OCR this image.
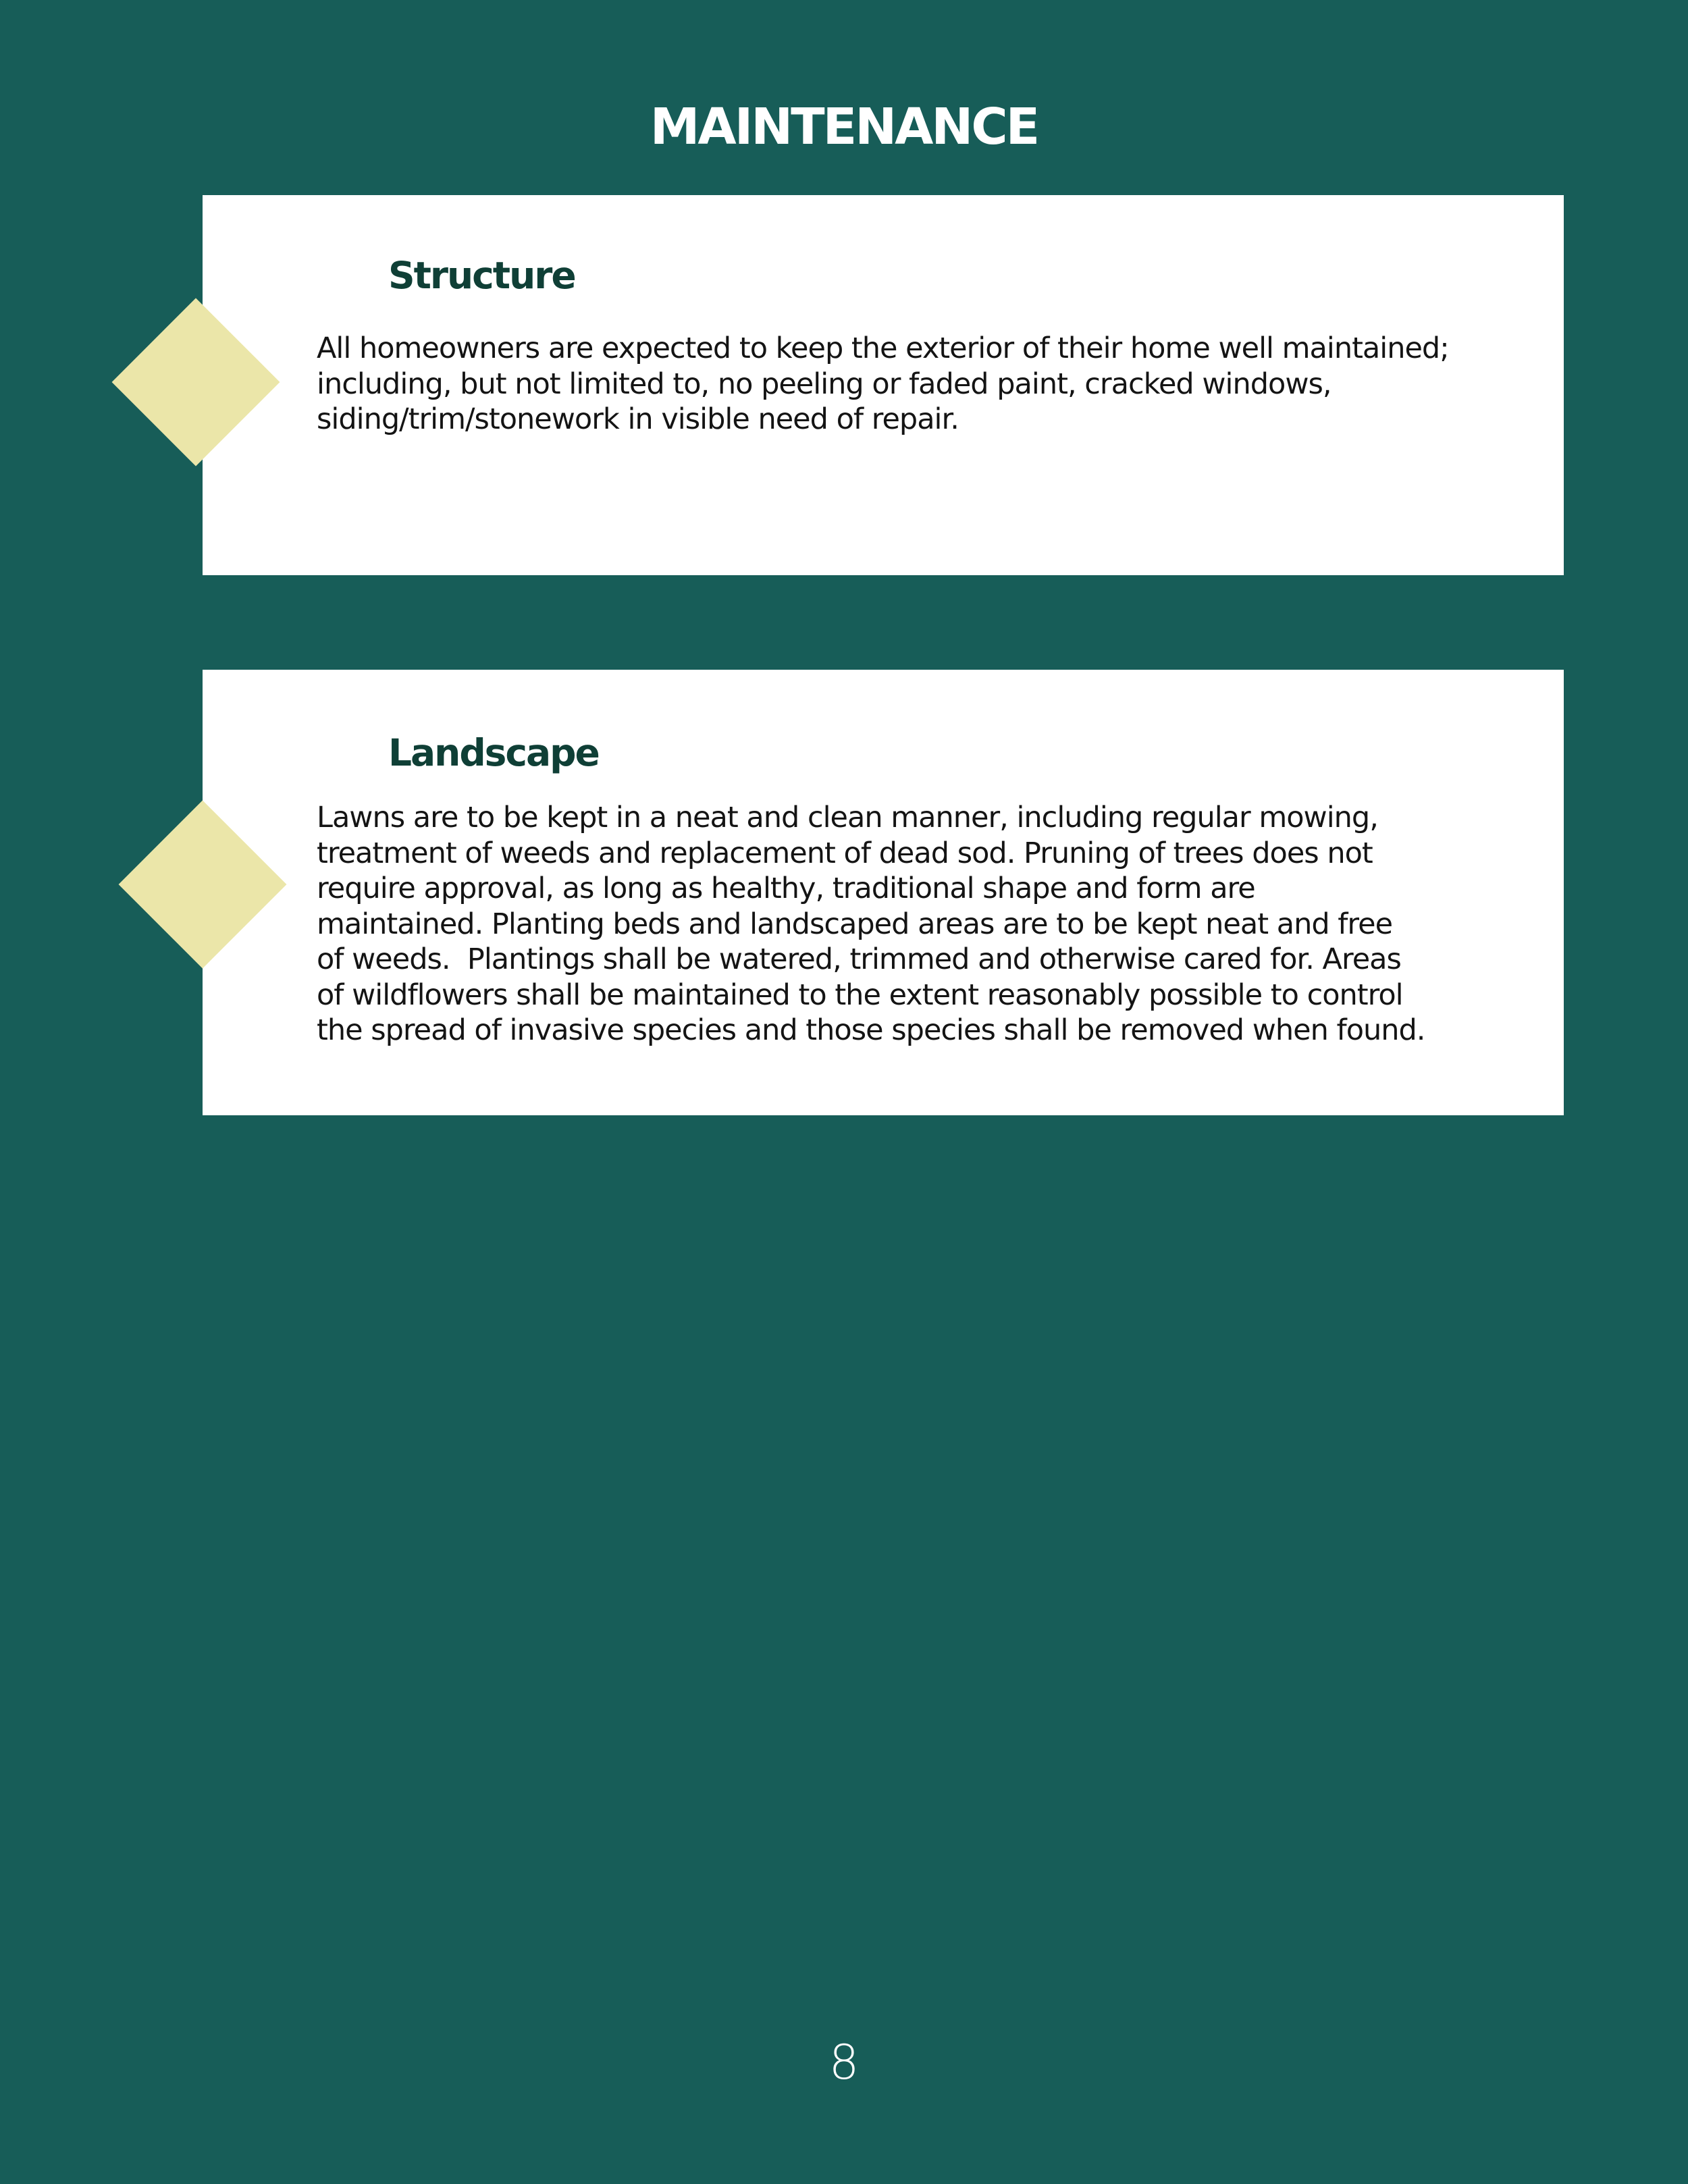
MAINTENANCE
Structure
All homeowners are expected to keep the exterior of their home well maintained;
including, but not limited to, no peeling or faded paint, cracked windows,
siding/trim/stonework in visible need of repair.
Landscape
Lawns are to be kept in a neat and clean manner, including regular mowing,
treatment of weeds and replacement of dead sod. Pruning of trees does not
require approval, as long as healthy, traditional shape and form are
maintained. Planting beds and landscaped areas are to be kept neat and free
of weeds.  Plantings shall be watered, trimmed and otherwise cared for. Areas
of wildflowers shall be maintained to the extent reasonably possible to control
the spread of invasive species and those species shall be removed when found.
8
